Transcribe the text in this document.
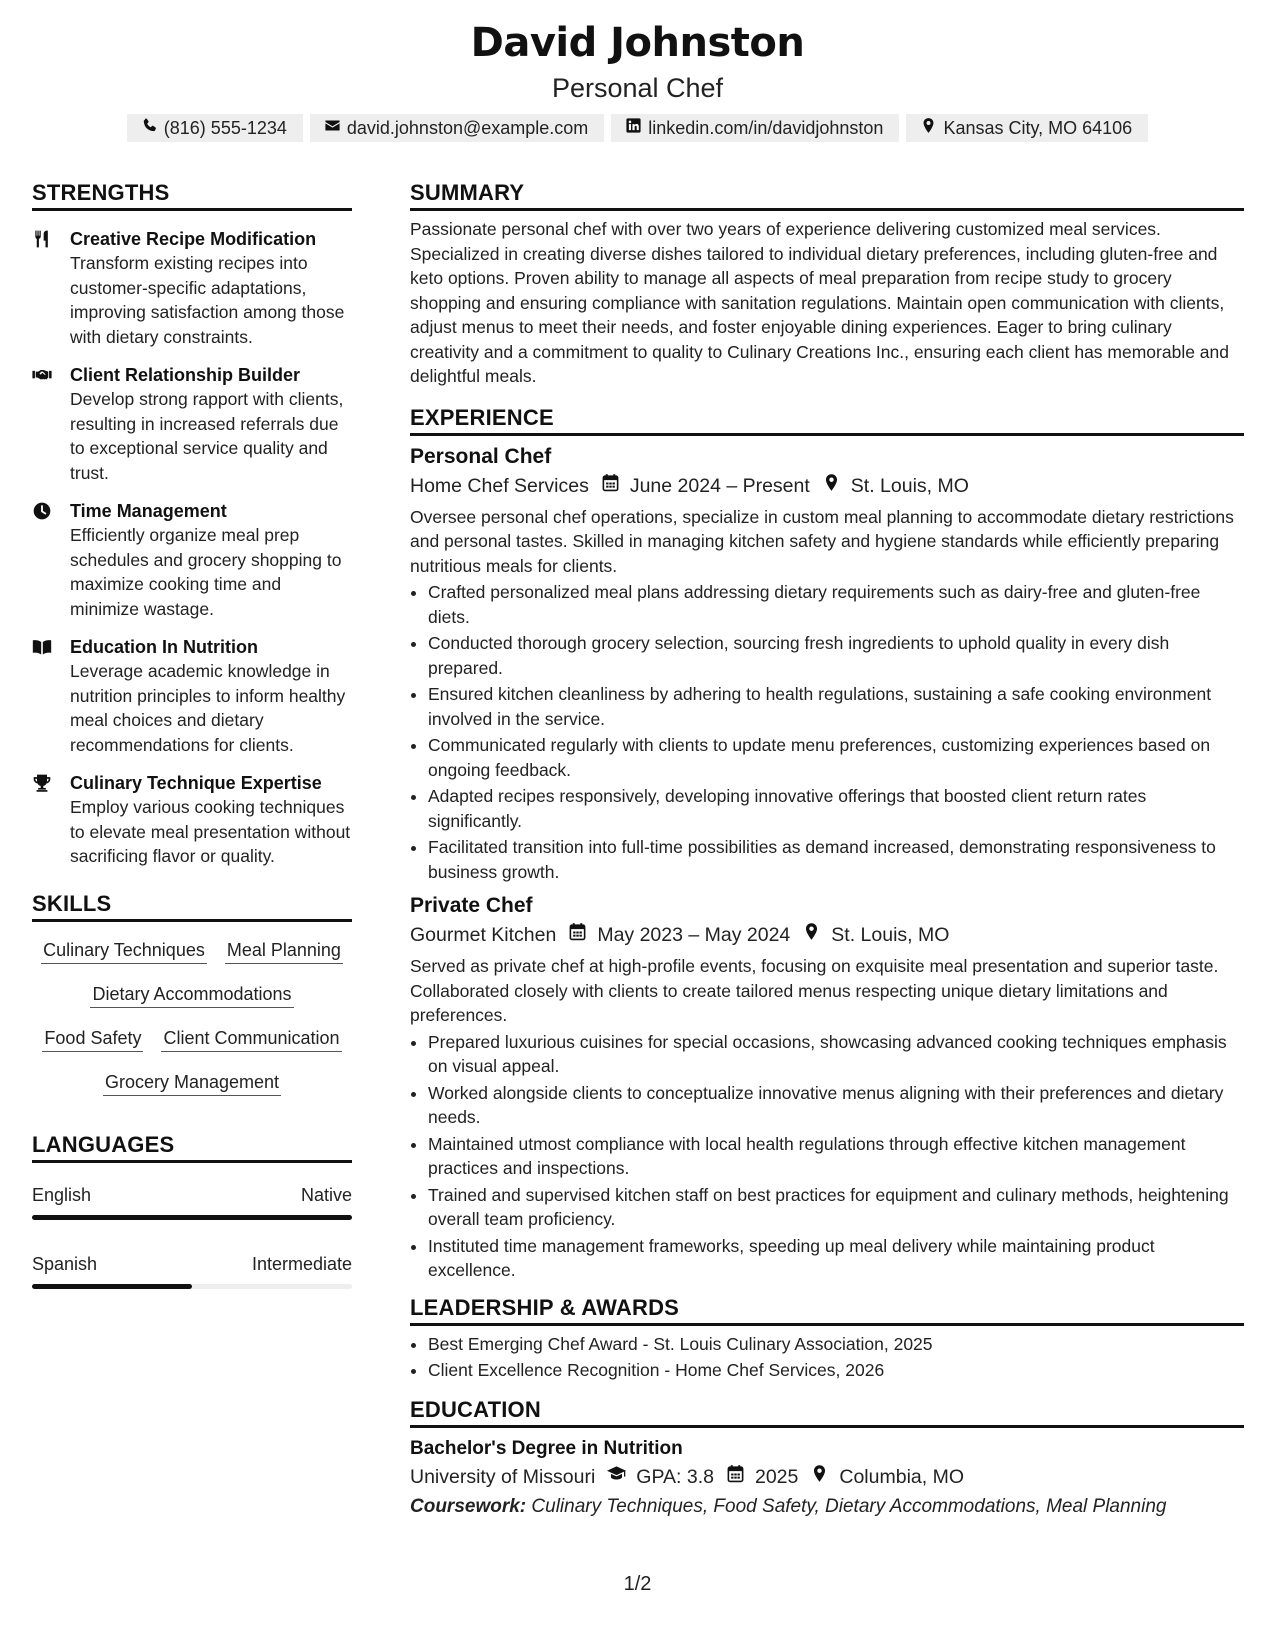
David Johnston
Personal Chef
(816) 555-1234	david.johnston@example.com	linkedin.com/in/davidjohnston	Kansas City, MO 64106
STRENGTHS
Creative Recipe Modification
Transform existing recipes into customer-specific adaptations, improving satisfaction among those with dietary constraints.
Client Relationship Builder
Develop strong rapport with clients, resulting in increased referrals due to exceptional service quality and trust.
Time Management
Efficiently organize meal prep schedules and grocery shopping to maximize cooking time and minimize wastage.
Education In Nutrition
Leverage academic knowledge in nutrition principles to inform healthy meal choices and dietary recommendations for clients.
Culinary Technique Expertise
Employ various cooking techniques to elevate meal presentation without sacrificing flavor or quality.
SKILLS
Culinary Techniques Meal Planning
Dietary Accommodations
Food Safety Client Communication
Grocery Management
LANGUAGES
English	Native
Spanish	Intermediate
SUMMARY
Passionate personal chef with over two years of experience delivering customized meal services. Specialized in creating diverse dishes tailored to individual dietary preferences, including gluten-free and keto options. Proven ability to manage all aspects of meal preparation from recipe study to grocery shopping and ensuring compliance with sanitation regulations. Maintain open communication with clients, adjust menus to meet their needs, and foster enjoyable dining experiences. Eager to bring culinary creativity and a commitment to quality to Culinary Creations Inc., ensuring each client has memorable and delightful meals.
EXPERIENCE
Personal Chef
Home Chef Services June 2024 – Present St. Louis, MO
Oversee personal chef operations, specialize in custom meal planning to accommodate dietary restrictions and personal tastes. Skilled in managing kitchen safety and hygiene standards while efficiently preparing nutritious meals for clients.
• Crafted personalized meal plans addressing dietary requirements such as dairy-free and gluten-free diets.
• Conducted thorough grocery selection, sourcing fresh ingredients to uphold quality in every dish prepared.
• Ensured kitchen cleanliness by adhering to health regulations, sustaining a safe cooking environment involved in the service.
• Communicated regularly with clients to update menu preferences, customizing experiences based on ongoing feedback.
• Adapted recipes responsively, developing innovative offerings that boosted client return rates significantly.
• Facilitated transition into full-time possibilities as demand increased, demonstrating responsiveness to business growth.
Private Chef
Gourmet Kitchen May 2023 – May 2024 St. Louis, MO
Served as private chef at high-profile events, focusing on exquisite meal presentation and superior taste. Collaborated closely with clients to create tailored menus respecting unique dietary limitations and preferences.
• Prepared luxurious cuisines for special occasions, showcasing advanced cooking techniques emphasis on visual appeal.
• Worked alongside clients to conceptualize innovative menus aligning with their preferences and dietary needs.
• Maintained utmost compliance with local health regulations through effective kitchen management practices and inspections.
• Trained and supervised kitchen staff on best practices for equipment and culinary methods, heightening overall team proficiency.
• Instituted time management frameworks, speeding up meal delivery while maintaining product excellence.
LEADERSHIP & AWARDS
• Best Emerging Chef Award - St. Louis Culinary Association, 2025
• Client Excellence Recognition - Home Chef Services, 2026
EDUCATION
Bachelor's Degree in Nutrition
University of Missouri GPA: 3.8 2025 Columbia, MO
Coursework: Culinary Techniques, Food Safety, Dietary Accommodations, Meal Planning
1/2
